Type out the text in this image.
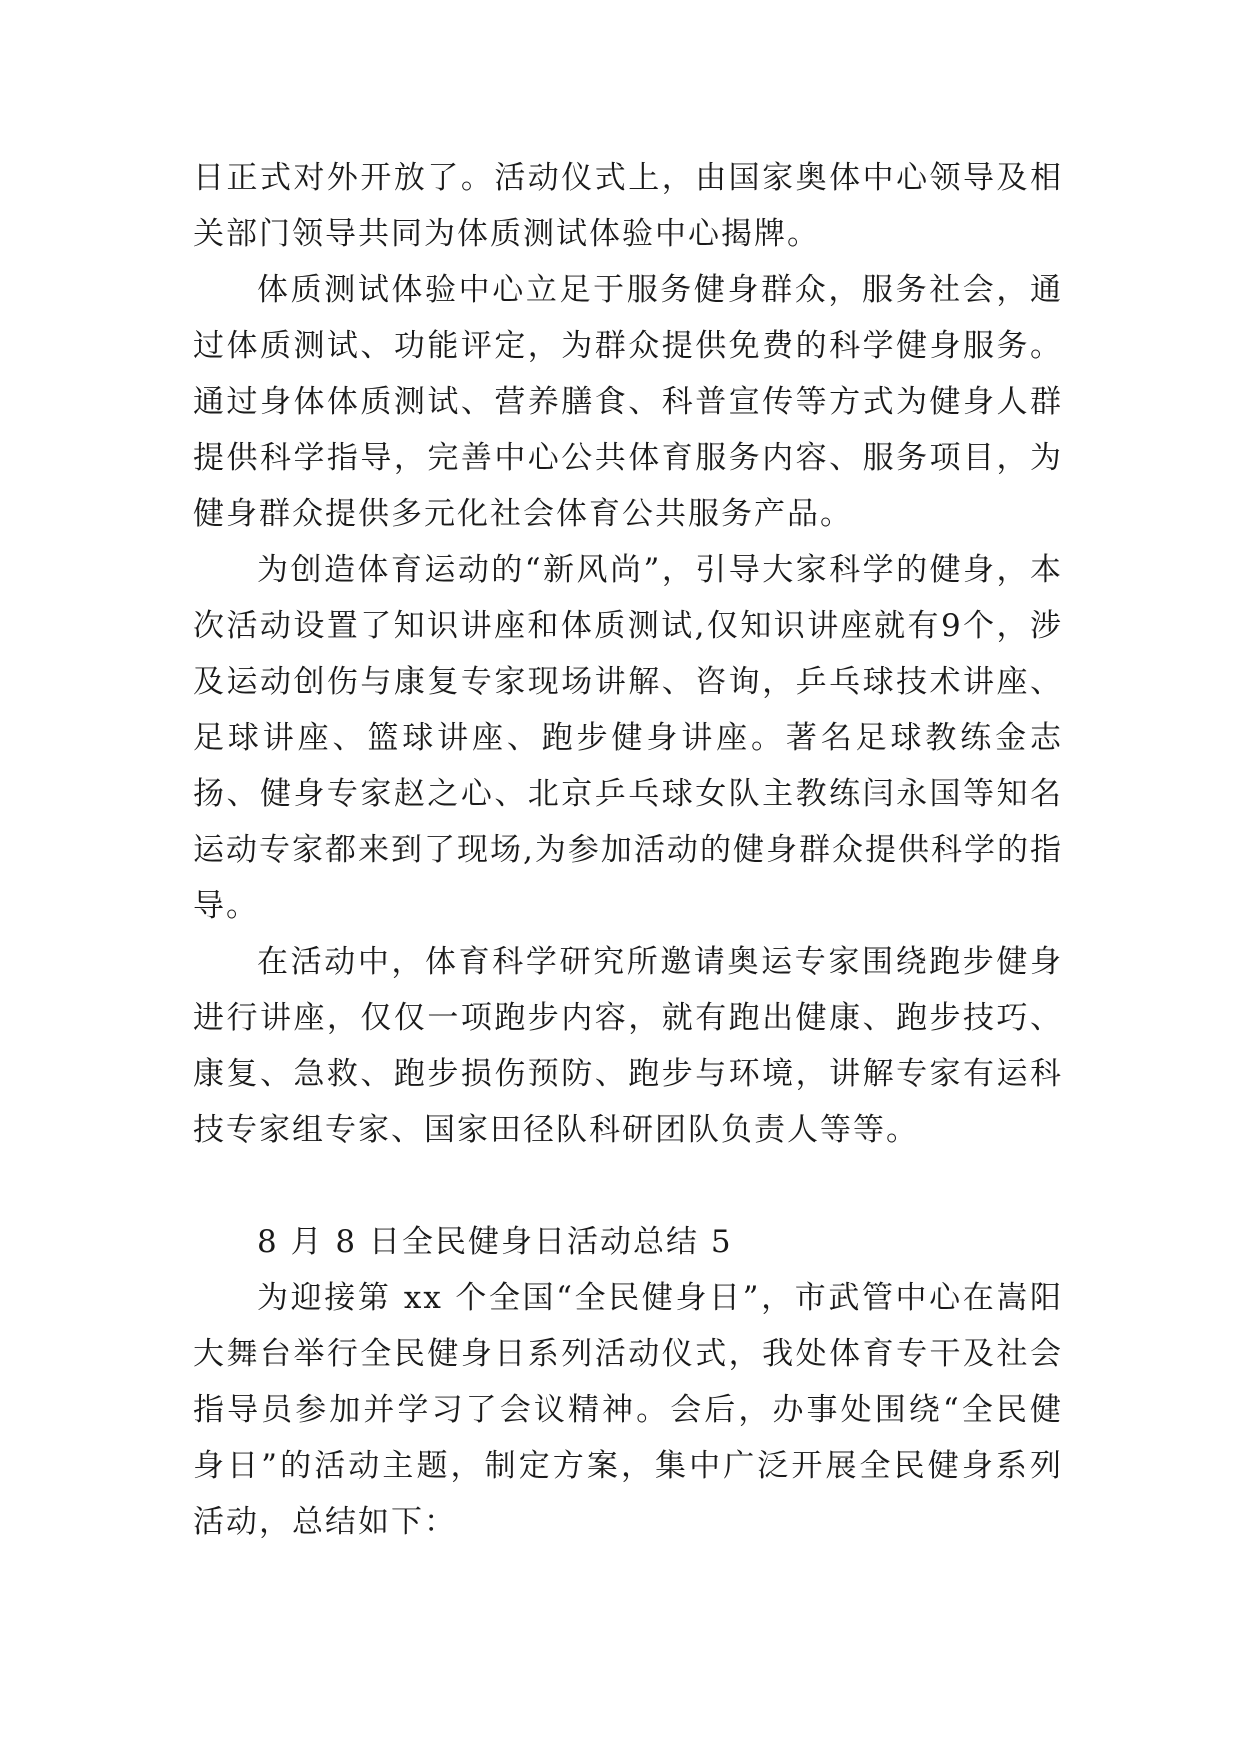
日正式对外开放了。活动仪式上，由国家奥体中心领导及相关部门领导共同为体质测试体验中心揭牌。

体质测试体验中心立足于服务健身群众，服务社会，通过体质测试、功能评定，为群众提供免费的科学健身服务。通过身体体质测试、营养膳食、科普宣传等方式为健身人群提供科学指导，完善中心公共体育服务内容、服务项目，为健身群众提供多元化社会体育公共服务产品。

为创造体育运动的“新风尚”，引导大家科学的健身，本次活动设置了知识讲座和体质测试,仅知识讲座就有9个，涉及运动创伤与康复专家现场讲解、咨询，乒乓球技术讲座、足球讲座、篮球讲座、跑步健身讲座。著名足球教练金志扬、健身专家赵之心、北京乒乓球女队主教练闫永国等知名运动专家都来到了现场,为参加活动的健身群众提供科学的指导。

在活动中，体育科学研究所邀请奥运专家围绕跑步健身进行讲座，仅仅一项跑步内容，就有跑出健康、跑步技巧、康复、急救、跑步损伤预防、跑步与环境，讲解专家有运科技专家组专家、国家田径队科研团队负责人等等。

8 月 8 日全民健身日活动总结 5

为迎接第 xx 个全国“全民健身日”，市武管中心在嵩阳大舞台举行全民健身日系列活动仪式，我处体育专干及社会指导员参加并学习了会议精神。会后，办事处围绕“全民健身日”的活动主题，制定方案，集中广泛开展全民健身系列活动，总结如下：
